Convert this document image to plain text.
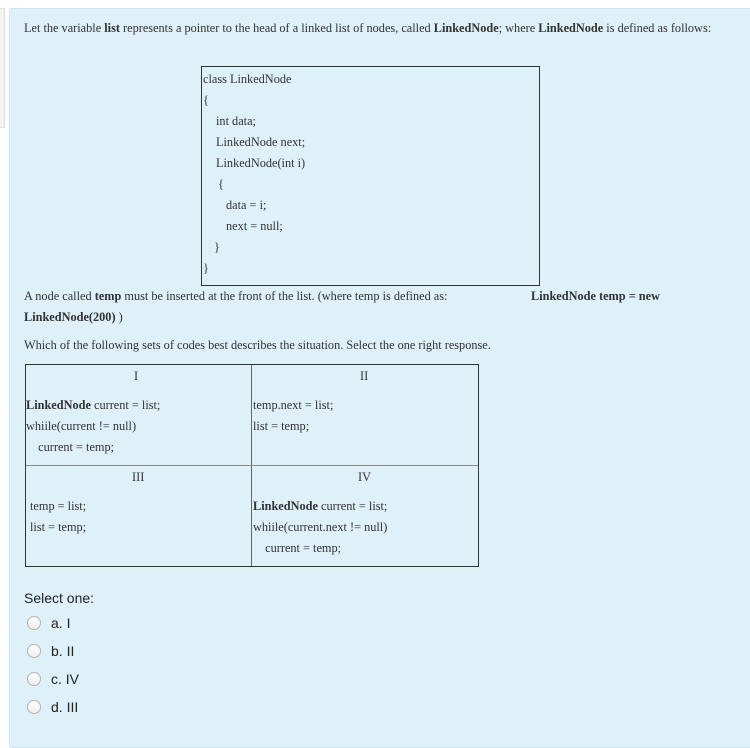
Let the variable list represents a pointer to the head of a linked list of nodes, called LinkedNode; where LinkedNode is defined as follows:
class LinkedNode
{
int data;
LinkedNode next;
LinkedNode(int i)
{
data = i;
next = null;
}
}
A node called temp must be inserted at the front of the list. (where temp is defined as:	LinkedNode temp = new
LinkedNode(200) )
Which of the following sets of codes best describes the situation. Select the one right response.
I
LinkedNode current = list;
whiile(current != null)
current = temp;
II
temp.next = list;
list = temp;
III
temp = list;
list = temp;
IV
LinkedNode current = list;
whiile(current.next != null)
current = temp;
Select one:
a. I
b. II
c. IV
d. III
